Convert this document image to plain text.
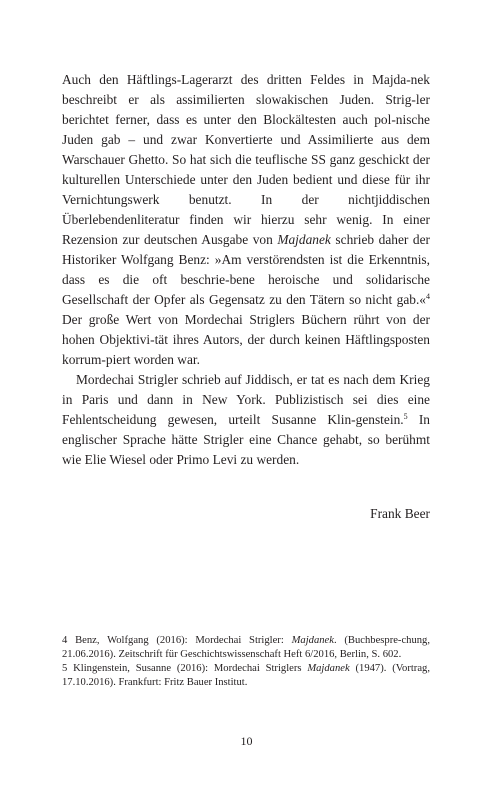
Auch den Häftlings-Lagerarzt des dritten Feldes in Majda-nek beschreibt er als assimilierten slowakischen Juden. Strig-ler berichtet ferner, dass es unter den Blockältesten auch pol-nische Juden gab – und zwar Konvertierte und Assimilierte aus dem Warschauer Ghetto. So hat sich die teuflische SS ganz geschickt der kulturellen Unterschiede unter den Juden bedient und diese für ihr Vernichtungswerk benutzt. In der nichtjiddischen Überlebendenliteratur finden wir hierzu sehr wenig. In einer Rezension zur deutschen Ausgabe von Majdanek schrieb daher der Historiker Wolfgang Benz: »Am verstörendsten ist die Erkenntnis, dass es die oft beschrie-bene heroische und solidarische Gesellschaft der Opfer als Gegensatz zu den Tätern so nicht gab.«$^4$ Der große Wert von Mordechai Striglers Büchern rührt von der hohen Objektivi-tät ihres Autors, der durch keinen Häftlingsposten korrum-piert worden war.

Mordechai Strigler schrieb auf Jiddisch, er tat es nach dem Krieg in Paris und dann in New York. Publizistisch sei dies eine Fehlentscheidung gewesen, urteilt Susanne Klin-genstein.$^5$ In englischer Sprache hätte Strigler eine Chance gehabt, so berühmt wie Elie Wiesel oder Primo Levi zu werden.

Frank Beer

4 Benz, Wolfgang (2016): Mordechai Strigler: Majdanek. (Buchbespre-chung, 21.06.2016). Zeitschrift für Geschichtswissenschaft Heft 6/2016, Berlin, S. 602.

5 Klingenstein, Susanne (2016): Mordechai Striglers Majdanek (1947). (Vortrag, 17.10.2016). Frankfurt: Fritz Bauer Institut.

10
